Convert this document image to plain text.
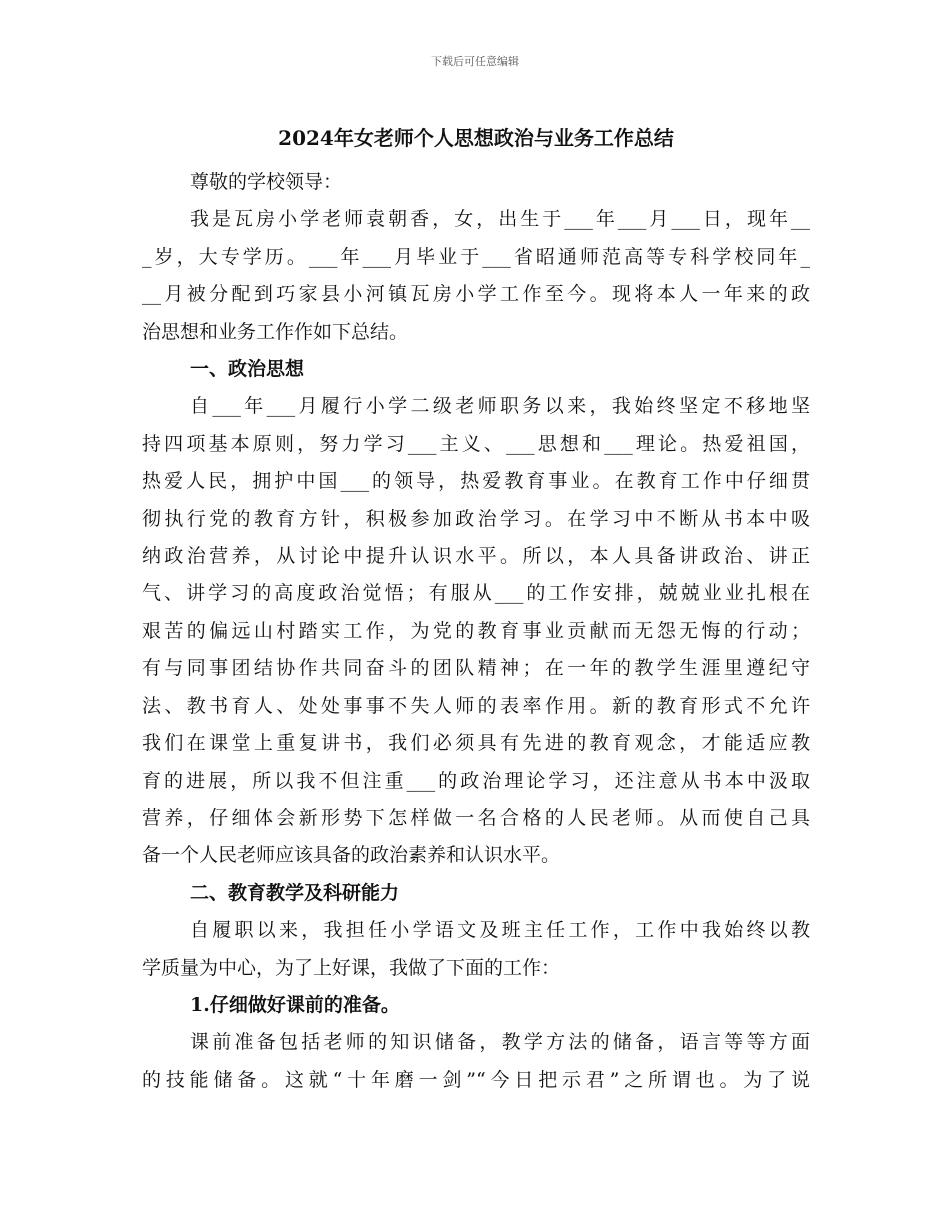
下载后可任意编辑
2024年女老师个人思想政治与业务工作总结
尊敬的学校领导：
我是瓦房小学老师袁朝香，女，出生于___年___月___日，现年__
_岁，大专学历。___年___月毕业于___省昭通师范高等专科学校同年_
__月被分配到巧家县小河镇瓦房小学工作至今。现将本人一年来的政
治思想和业务工作作如下总结。
一、政治思想
自___年___月履行小学二级老师职务以来，我始终坚定不移地坚
持四项基本原则，努力学习___主义、___思想和___理论。热爱祖国，
热爱人民，拥护中国___的领导，热爱教育事业。在教育工作中仔细贯
彻执行党的教育方针，积极参加政治学习。在学习中不断从书本中吸
纳政治营养，从讨论中提升认识水平。所以，本人具备讲政治、讲正
气、讲学习的高度政治觉悟；有服从___的工作安排，兢兢业业扎根在
艰苦的偏远山村踏实工作，为党的教育事业贡献而无怨无悔的行动；
有与同事团结协作共同奋斗的团队精神；在一年的教学生涯里遵纪守
法、教书育人、处处事事不失人师的表率作用。新的教育形式不允许
我们在课堂上重复讲书，我们必须具有先进的教育观念，才能适应教
育的进展，所以我不但注重___的政治理论学习，还注意从书本中汲取
营养，仔细体会新形势下怎样做一名合格的人民老师。从而使自己具
备一个人民老师应该具备的政治素养和认识水平。
二、教育教学及科研能力
自履职以来，我担任小学语文及班主任工作，工作中我始终以教
学质量为中心，为了上好课，我做了下面的工作：
1.仔细做好课前的准备。
课前准备包括老师的知识储备，教学方法的储备，语言等等方面
的技能储备。这就“十年磨一剑”“今日把示君”之所谓也。为了说
